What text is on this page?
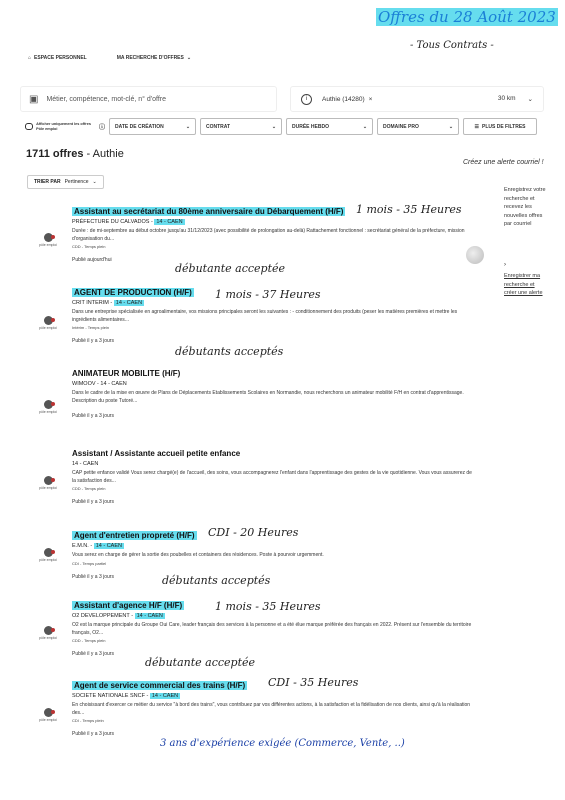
Offres du 28 Août 2023
- Tous Contrats -
⌂ ESPACE PERSONNEL	MA RECHERCHE D'OFFRES ⌄
▣ Métier, compétence, mot-clé, n° d'offre	i	Authie (14280) ×	30 km ⌄
Afficher uniquement les offres Pôle emploi	ⓘ DATE DE CRÉATION	⌄	CONTRAT	⌄	DURÉE HEBDO	⌄	DOMAINE PRO	⌄	☰ PLUS DE FILTRES
1711 offres - Authie
TRIER PAR Pertinence ⌄
Créez une alerte courriel !
Enregistrez votre recherche et recevez les nouvelles offres par courriel
›
Enregistrer ma recherche et créer une alerte
pôle emploi
Assistant au secrétariat du 80ème anniversaire du Débarquement (H/F)
PRÉFECTURE DU CALVADOS - 14 - CAEN
Durée : de mi-septembre au début octobre jusqu'au 31/12/2023 (avec possibilité de prolongation au-delà) Rattachement fonctionnel : secrétariat général de la préfecture, mission d'organisation du...
CDD - Temps plein
Publié aujourd'hui
1 mois - 35 Heures
débutante acceptée
pôle emploi
AGENT DE PRODUCTION (H/F)
CRIT INTERIM - 14 - CAEN
Dans une entreprise spécialisée en agroalimentaire, vos missions principales seront les suivantes : - conditionnement des produits (peser les matières premières et mettre les ingrédients alimentaires...
Intérim - Temps plein
Publié il y a 3 jours
1 mois - 37 Heures
débutants acceptés
pôle emploi
ANIMATEUR MOBILITE (H/F)
WIMOOV - 14 - CAEN
Dans le cadre de la mise en œuvre de Plans de Déplacements Etablissements Scolaires en Normandie, nous recherchons un animateur mobilité F/H en contrat d'apprentissage. Description du poste Tutoré...
Publié il y a 3 jours
pôle emploi
Assistant / Assistante accueil petite enfance
14 - CAEN
CAP petite enfance validé Vous serez chargé(e) de l'accueil, des soins, vous accompagnerez l'enfant dans l'apprentissage des gestes de la vie quotidienne. Vous vous assurerez de la satisfaction des...
CDD - Temps plein
Publié il y a 3 jours
pôle emploi
Agent d'entretien propreté (H/F)
E.M.N. - 14 - CAEN
Vous serez en charge de gérer la sortie des poubelles et containers des résidences. Poste à pourvoir urgemment.
CDI - Temps partiel
Publié il y a 3 jours
CDI - 20 Heures
débutants acceptés
pôle emploi
Assistant d'agence H/F (H/F)
O2 DEVELOPPEMENT - 14 - CAEN
O2 est la marque principale du Groupe Oui Care, leader français des services à la personne et a été élue marque préférée des français en 2022. Présent sur l'ensemble du territoire français, O2...
CDD - Temps plein
Publié il y a 3 jours
1 mois - 35 Heures
débutante acceptée
pôle emploi
Agent de service commercial des trains (H/F)
SOCIETE NATIONALE SNCF - 14 - CAEN
En choisissant d'exercer ce métier du service "à bord des trains", vous contribuez par vos différentes actions, à la satisfaction et la fidélisation de nos clients, ainsi qu'à la réalisation des...
CDI - Temps plein
Publié il y a 3 jours
CDI - 35 Heures
3 ans d'expérience exigée (Commerce, Vente, ..)
